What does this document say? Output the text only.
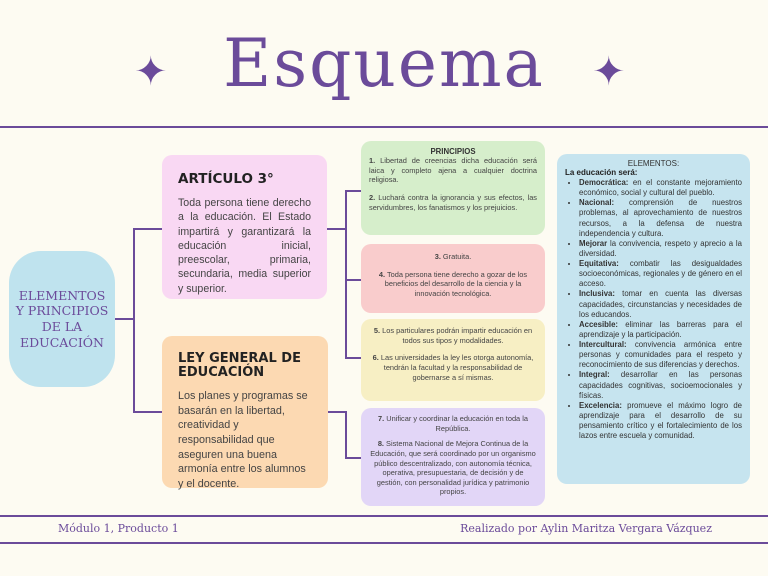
Esquema
✦	✦
ELEMENTOS Y PRINCIPIOS DE LA EDUCACIÓN
ARTÍCULO 3°
Toda persona tiene derecho a la educación. El Estado impartirá y garantizará la educación inicial, preescolar, primaria, secundaria, media superior y superior.
LEY GENERAL DE EDUCACIÓN
Los planes y programas se basarán en la libertad, creatividad y responsabilidad que aseguren una buena armonía entre los alumnos y el docente.
PRINCIPIOS
1. Libertad de creencias dicha educación será laica y completo ajena a cualquier doctrina religiosa.
2. Luchará contra la ignorancia y sus efectos, las servidumbres, los fanatismos y los prejuicios.
3. Gratuita.
4. Toda persona tiene derecho a gozar de los beneficios del desarrollo de la ciencia y la innovación tecnológica.
5. Los particulares podrán impartir educación en todos sus tipos y modalidades.
6. Las universidades la ley les otorga autonomía, tendrán la facultad y la responsabilidad de gobernarse a sí mismas.
7. Unificar y coordinar la educación en toda la República.
8. Sistema Nacional de Mejora Continua de la Educación, que será coordinado por un organismo público descentralizado, con autonomía técnica, operativa, presupuestaria, de decisión y de gestión, con personalidad jurídica y patrimonio propios.
ELEMENTOS:
La educación será:
• Democrática: en el constante mejoramiento económico, social y cultural del pueblo.
• Nacional: comprensión de nuestros problemas, al aprovechamiento de nuestros recursos, a la defensa de nuestra independencia y cultura.
• Mejorar la convivencia, respeto y aprecio a la diversidad.
• Equitativa: combatir las desigualdades socioeconómicas, regionales y de género en el acceso.
• Inclusiva: tomar en cuenta las diversas capacidades, circunstancias y necesidades de los educandos.
• Accesible: eliminar las barreras para el aprendizaje y la participación.
• Intercultural: convivencia armónica entre personas y comunidades para el respeto y reconocimiento de sus diferencias y derechos.
• Integral: desarrollar en las personas capacidades cognitivas, socioemocionales y físicas.
• Excelencia: promueve el máximo logro de aprendizaje para el desarrollo de su pensamiento crítico y el fortalecimiento de los lazos entre escuela y comunidad.
Módulo 1, Producto 1	Realizado por Aylin Maritza Vergara Vázquez
